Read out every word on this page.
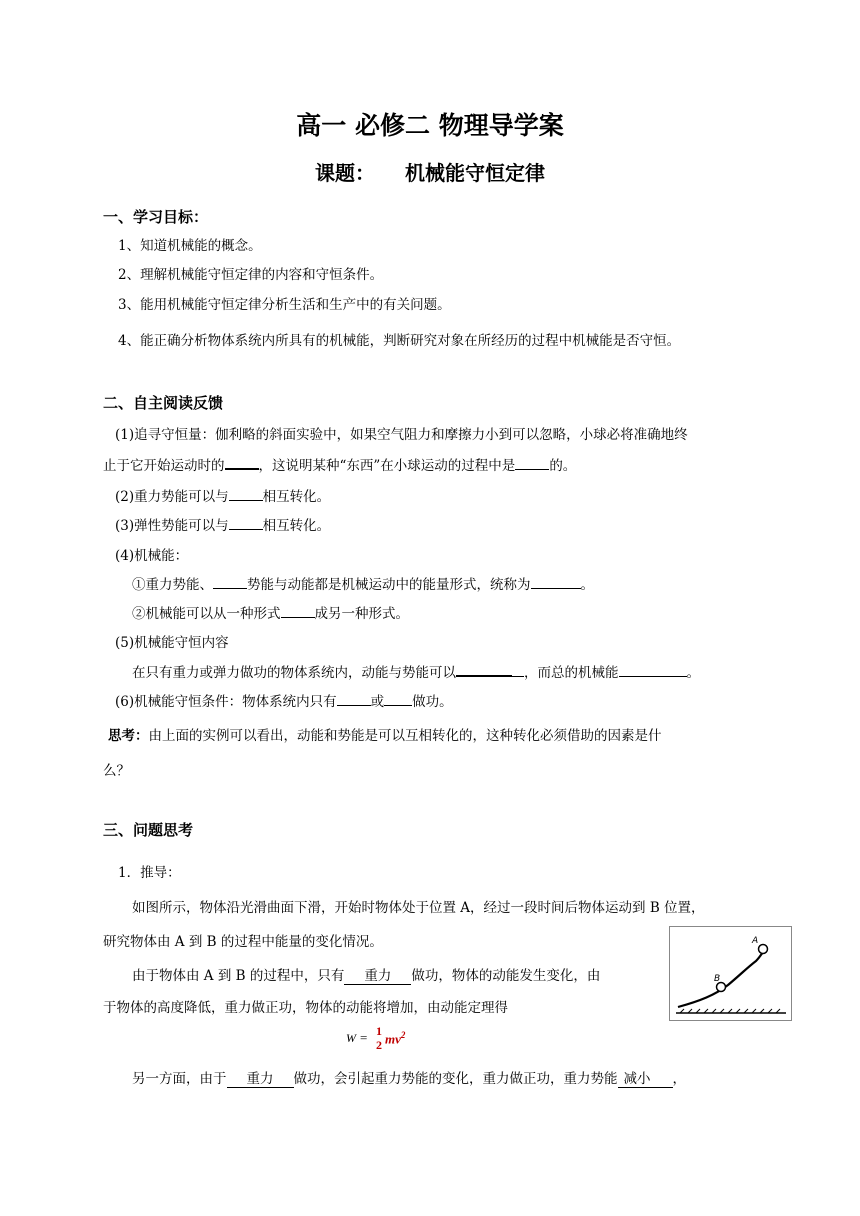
高一 必修二 物理导学案
课题： 机械能守恒定律
一、学习目标：
1、知道机械能的概念。
2、理解机械能守恒定律的内容和守恒条件。
3、能用机械能守恒定律分析生活和生产中的有关问题。
4、能正确分析物体系统内所具有的机械能，判断研究对象在所经历的过程中机械能是否守恒。
二、自主阅读反馈
(1)追寻守恒量：伽利略的斜面实验中，如果空气阻力和摩擦力小到可以忽略，小球必将准确地终
止于它开始运动时的	，这说明某种“东西”在小球运动的过程中是	的。
(2)重力势能可以与	相互转化。
(3)弹性势能可以与	相互转化。
(4)机械能：
①重力势能、	势能与动能都是机械运动中的能量形式，统称为	。
②机械能可以从一种形式	成另一种形式。
(5)机械能守恒内容
在只有重力或弹力做功的物体系统内，动能与势能可以	，而总的机械能	。
(6)机械能守恒条件：物体系统内只有	或 做功。
思考：由上面的实例可以看出，动能和势能是可以互相转化的，这种转化必须借助的因素是什
么？
三、问题思考
1．推导：
如图所示，物体沿光滑曲面下滑，开始时物体处于位置 A，经过一段时间后物体运动到 B 位置，
研究物体由 A 到 B 的过程中能量的变化情况。
由于物体由 A 到 B 的过程中，只有 重力 做功，物体的动能发生变化，由
于物体的高度降低，重力做正功，物体的动能将增加，由动能定理得
W = 1
2 $mv^2$
另一方面，由于 重力 做功，会引起重力势能的变化，重力做正功，重力势能 减小 ，
A
B
